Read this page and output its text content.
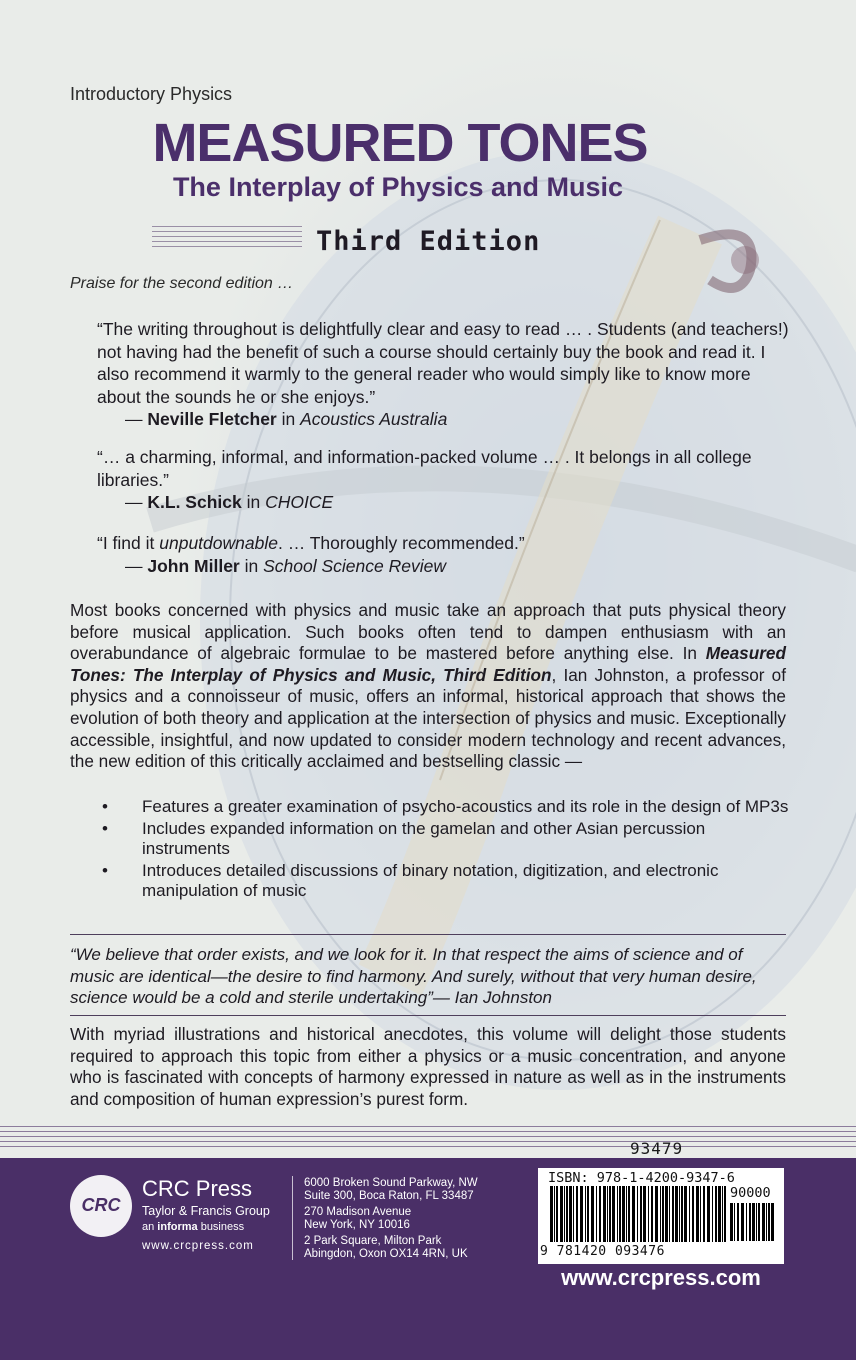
Introductory Physics
MEASURED TONES
The Interplay of Physics and Music
Third Edition
Praise for the second edition …
“The writing throughout is delightfully clear and easy to read … . Students (and teachers!) not having had the benefit of such a course should certainly buy the book and read it. I also recommend it warmly to the general reader who would simply like to know more about the sounds he or she enjoys.”
— Neville Fletcher in Acoustics Australia
“… a charming, informal, and information-packed volume … . It belongs in all college libraries.”
— K.L. Schick in CHOICE
“I find it unputdownable. … Thoroughly recommended.”
— John Miller in School Science Review
Most books concerned with physics and music take an approach that puts physical theory before musical application. Such books often tend to dampen enthusiasm with an overabundance of algebraic formulae to be mastered before anything else. In Measured Tones: The Interplay of Physics and Music, Third Edition, Ian Johnston, a professor of physics and a connoisseur of music, offers an informal, historical approach that shows the evolution of both theory and application at the intersection of physics and music. Exceptionally accessible, insightful, and now updated to consider modern technology and recent advances, the new edition of this critically acclaimed and bestselling classic —
• Features a greater examination of psycho-acoustics and its role in the design of MP3s
• Includes expanded information on the gamelan and other Asian percussion instruments
• Introduces detailed discussions of binary notation, digitization, and electronic manipulation of music
“We believe that order exists, and we look for it. In that respect the aims of science and of music are identical—the desire to find harmony. And surely, without that very human desire, science would be a cold and sterile undertaking”— Ian Johnston
With myriad illustrations and historical anecdotes, this volume will delight those students required to approach this topic from either a physics or a music concentration, and anyone who is fascinated with concepts of harmony expressed in nature as well as in the instruments and composition of human expression’s purest form.
93479
CRC
CRC Press
Taylor & Francis Group
an informa business
www.crcpress.com
6000 Broken Sound Parkway, NW
Suite 300, Boca Raton, FL 33487
270 Madison Avenue
New York, NY 10016
2 Park Square, Milton Park
Abingdon, Oxon OX14 4RN, UK
ISBN: 978-1-4200-9347-6
90000
9 781420 093476
www.crcpress.com
